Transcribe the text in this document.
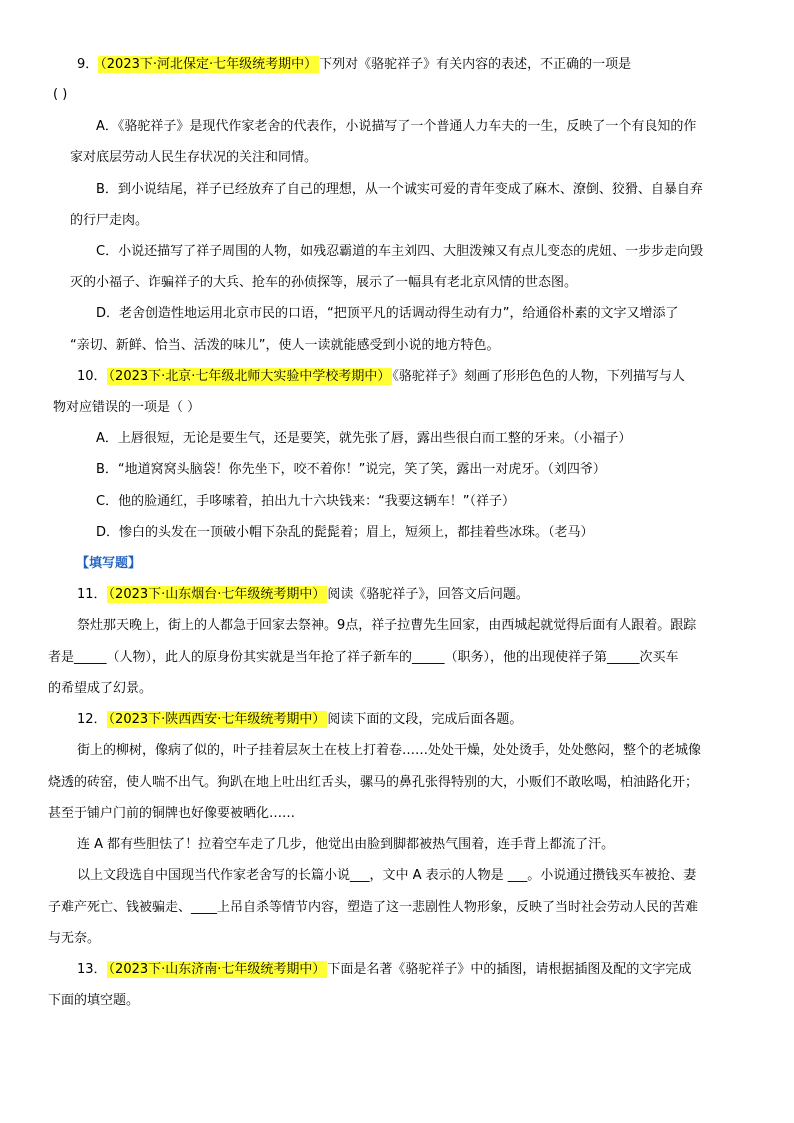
9． （2023下·河北保定·七年级统考期中） 下列对《骆驼祥子》有关内容的表述，不正确的一项是
( )
A．《骆驼祥子》是现代作家老舍的代表作，小说描写了一个普通人力车夫的一生，反映了一个有良知的作
家对底层劳动人民生存状况的关注和同情。
B．到小说结尾，祥子已经放弃了自己的理想，从一个诚实可爱的青年变成了麻木、潦倒、狡猾、自暴自弃
的行尸走肉。
C．小说还描写了祥子周围的人物，如残忍霸道的车主刘四、大胆泼辣又有点儿变态的虎妞、一步步走向毁
灭的小福子、诈骗祥子的大兵、抢车的孙侦探等，展示了一幅具有老北京风情的世态图。
D．老舍创造性地运用北京市民的口语，“把顶平凡的话调动得生动有力”，给通俗朴素的文字又增添了
“亲切、新鲜、恰当、活泼的味儿”，使人一读就能感受到小说的地方特色。
10． （2023下·北京·七年级北师大实验中学校考期中） 《骆驼祥子》刻画了形形色色的人物，下列描写与人
物对应错误的一项是（ ）
A．上唇很短，无论是要生气，还是要笑，就先张了唇，露出些很白而工整的牙来。（小福子）
B．“地道窝窝头脑袋！你先坐下，咬不着你！”说完，笑了笑，露出一对虎牙。（刘四爷）
C．他的脸通红，手哆嗦着，拍出九十六块钱来：“我要这辆车！”（祥子）
D．惨白的头发在一顶破小帽下杂乱的髭髭着；眉上，短须上，都挂着些冰珠。（老马）
【填写题】
11． （2023下·山东烟台·七年级统考期中） 阅读《骆驼祥子》，回答文后问题。
祭灶那天晚上，街上的人都急于回家去祭神。9点，祥子拉曹先生回家，由西城起就觉得后面有人跟着。跟踪
者是_____（人物），此人的原身份其实就是当年抢了祥子新车的_____（职务），他的出现使祥子第_____次买车
的希望成了幻景。
12． （2023下·陕西西安·七年级统考期中） 阅读下面的文段，完成后面各题。
街上的柳树，像病了似的，叶子挂着层灰土在枝上打着卷……处处干燥，处处烫手，处处憋闷，整个的老城像
烧透的砖窑，使人喘不出气。狗趴在地上吐出红舌头，骡马的鼻孔张得特别的大，小贩们不敢吆喝，柏油路化开；
甚至于铺户门前的铜牌也好像要被晒化……
连 A 都有些胆怯了！拉着空车走了几步，他觉出由脸到脚都被热气围着，连手背上都流了汗。
以上文段选自中国现当代作家老舍写的长篇小说___，文中 A 表示的人物是 ___。小说通过攒钱买车被抢、妻
子难产死亡、钱被骗走、____上吊自杀等情节内容，塑造了这一悲剧性人物形象，反映了当时社会劳动人民的苦难
与无奈。
13． （2023下·山东济南·七年级统考期中） 下面是名著《骆驼祥子》中的插图，请根据插图及配的文字完成
下面的填空题。
